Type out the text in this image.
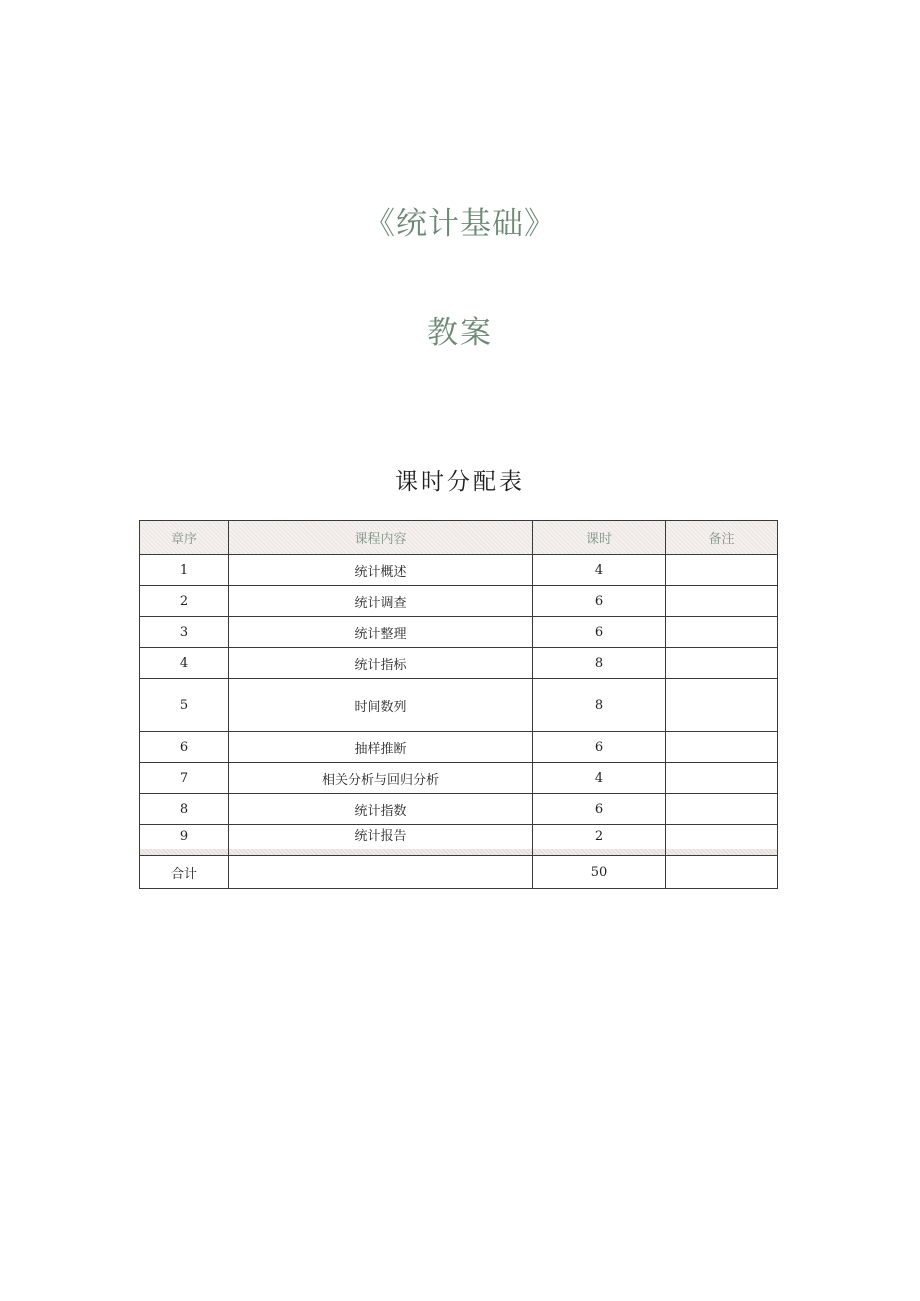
《统计基础》
教案
课时分配表
章序	课程内容	课时	备注
1	统计概述	4	
2	统计调查	6	
3	统计整理	6	
4	统计指标	8	
5	时间数列	8	
6	抽样推断	6	
7	相关分析与回归分析	4	
8	统计指数	6	
9	统计报告	2	

合计		50	
